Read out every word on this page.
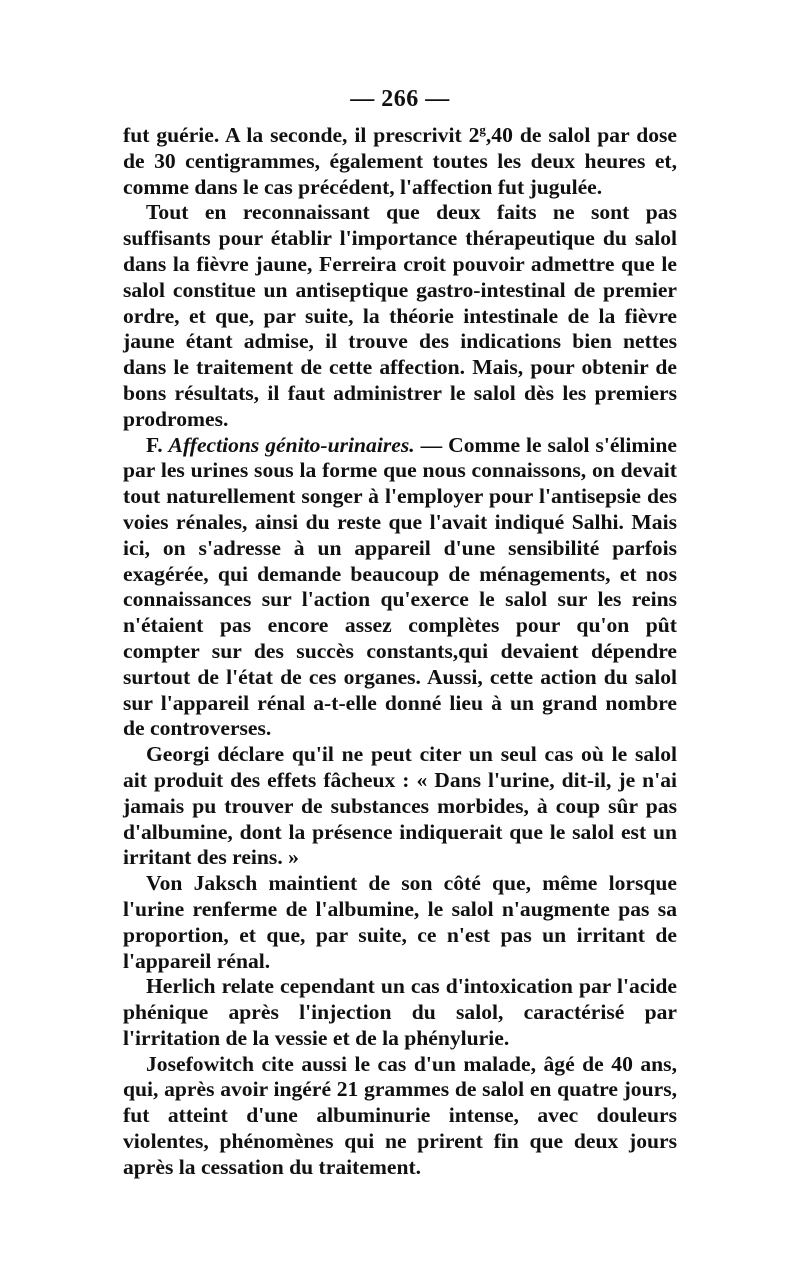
— 266 —

fut guérie. A la seconde, il prescrivit 2$^g$,40 de salol par dose de 30 centigrammes, également toutes les deux heures et, comme dans le cas précédent, l'affection fut jugulée.

Tout en reconnaissant que deux faits ne sont pas suffisants pour établir l'importance thérapeutique du salol dans la fièvre jaune, Ferreira croit pouvoir admettre que le salol constitue un antiseptique gastro-intestinal de premier ordre, et que, par suite, la théorie intestinale de la fièvre jaune étant admise, il trouve des indications bien nettes dans le traitement de cette affection. Mais, pour obtenir de bons résultats, il faut administrer le salol dès les premiers prodromes.

F. Affections génito-urinaires. — Comme le salol s'élimine par les urines sous la forme que nous connaissons, on devait tout naturellement songer à l'employer pour l'antisepsie des voies rénales, ainsi du reste que l'avait indiqué Salhi. Mais ici, on s'adresse à un appareil d'une sensibilité parfois exagérée, qui demande beaucoup de ménagements, et nos connaissances sur l'action qu'exerce le salol sur les reins n'étaient pas encore assez complètes pour qu'on pût compter sur des succès constants,qui devaient dépendre surtout de l'état de ces organes. Aussi, cette action du salol sur l'appareil rénal a-t-elle donné lieu à un grand nombre de controverses.

Georgi déclare qu'il ne peut citer un seul cas où le salol ait produit des effets fâcheux : « Dans l'urine, dit-il, je n'ai jamais pu trouver de substances morbides, à coup sûr pas d'albumine, dont la présence indiquerait que le salol est un irritant des reins. »

Von Jaksch maintient de son côté que, même lorsque l'urine renferme de l'albumine, le salol n'augmente pas sa proportion, et que, par suite, ce n'est pas un irritant de l'appareil rénal.

Herlich relate cependant un cas d'intoxication par l'acide phénique après l'injection du salol, caractérisé par l'irritation de la vessie et de la phénylurie.

Josefowitch cite aussi le cas d'un malade, âgé de 40 ans, qui, après avoir ingéré 21 grammes de salol en quatre jours, fut atteint d'une albuminurie intense, avec douleurs violentes, phénomènes qui ne prirent fin que deux jours après la cessation du traitement.
